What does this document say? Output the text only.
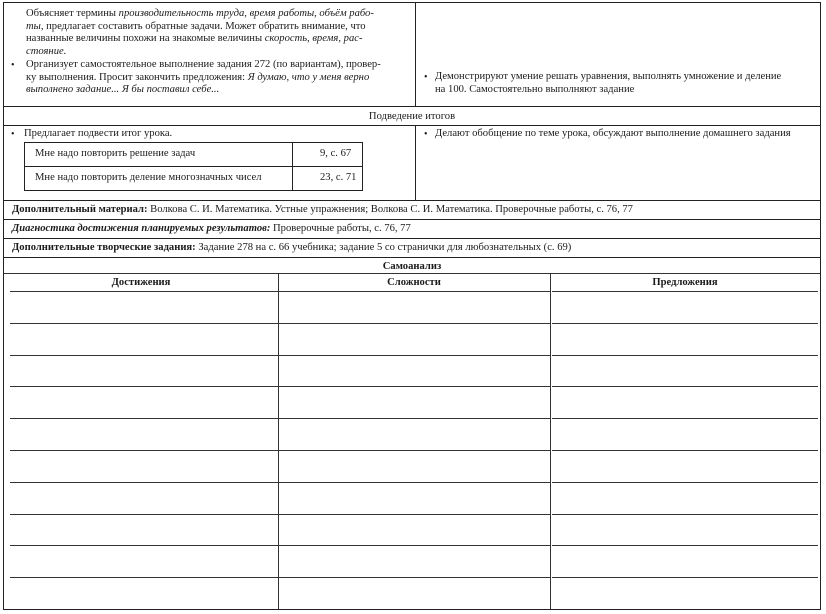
Объясняет термины производительность труда, время работы, объём рабо-
ты, предлагает составить обратные задачи. Может обратить внимание, что
названные величины похожи на знакомые величины скорость, время, рас-
стояние.
• Организует самостоятельное выполнение задания 272 (по вариантам), провер-
ку выполнения. Просит закончить предложения: Я думаю, что у меня верно
выполнено задание... Я бы поставил себе...
• Демонстрируют умение решать уравнения, выполнять умножение и деление
на 100. Самостоятельно выполняют задание
Подведение итогов
• Предлагает подвести итог урока.	• Делают обобщение по теме урока, обсуждают выполнение домашнего задания
Мне надо повторить решение задач	9, с. 67
Мне надо повторить деление многозначных чисел	23, с. 71
Дополнительный материал: Волкова С. И. Математика. Устные упражнения; Волкова С. И. Математика. Проверочные работы, с. 76, 77
Диагностика достижения планируемых результатов: Проверочные работы, с. 76, 77
Дополнительные творческие задания: Задание 278 на с. 66 учебника; задание 5 со странички для любознательных (с. 69)
Самоанализ
Достижения	Сложности	Предложения
